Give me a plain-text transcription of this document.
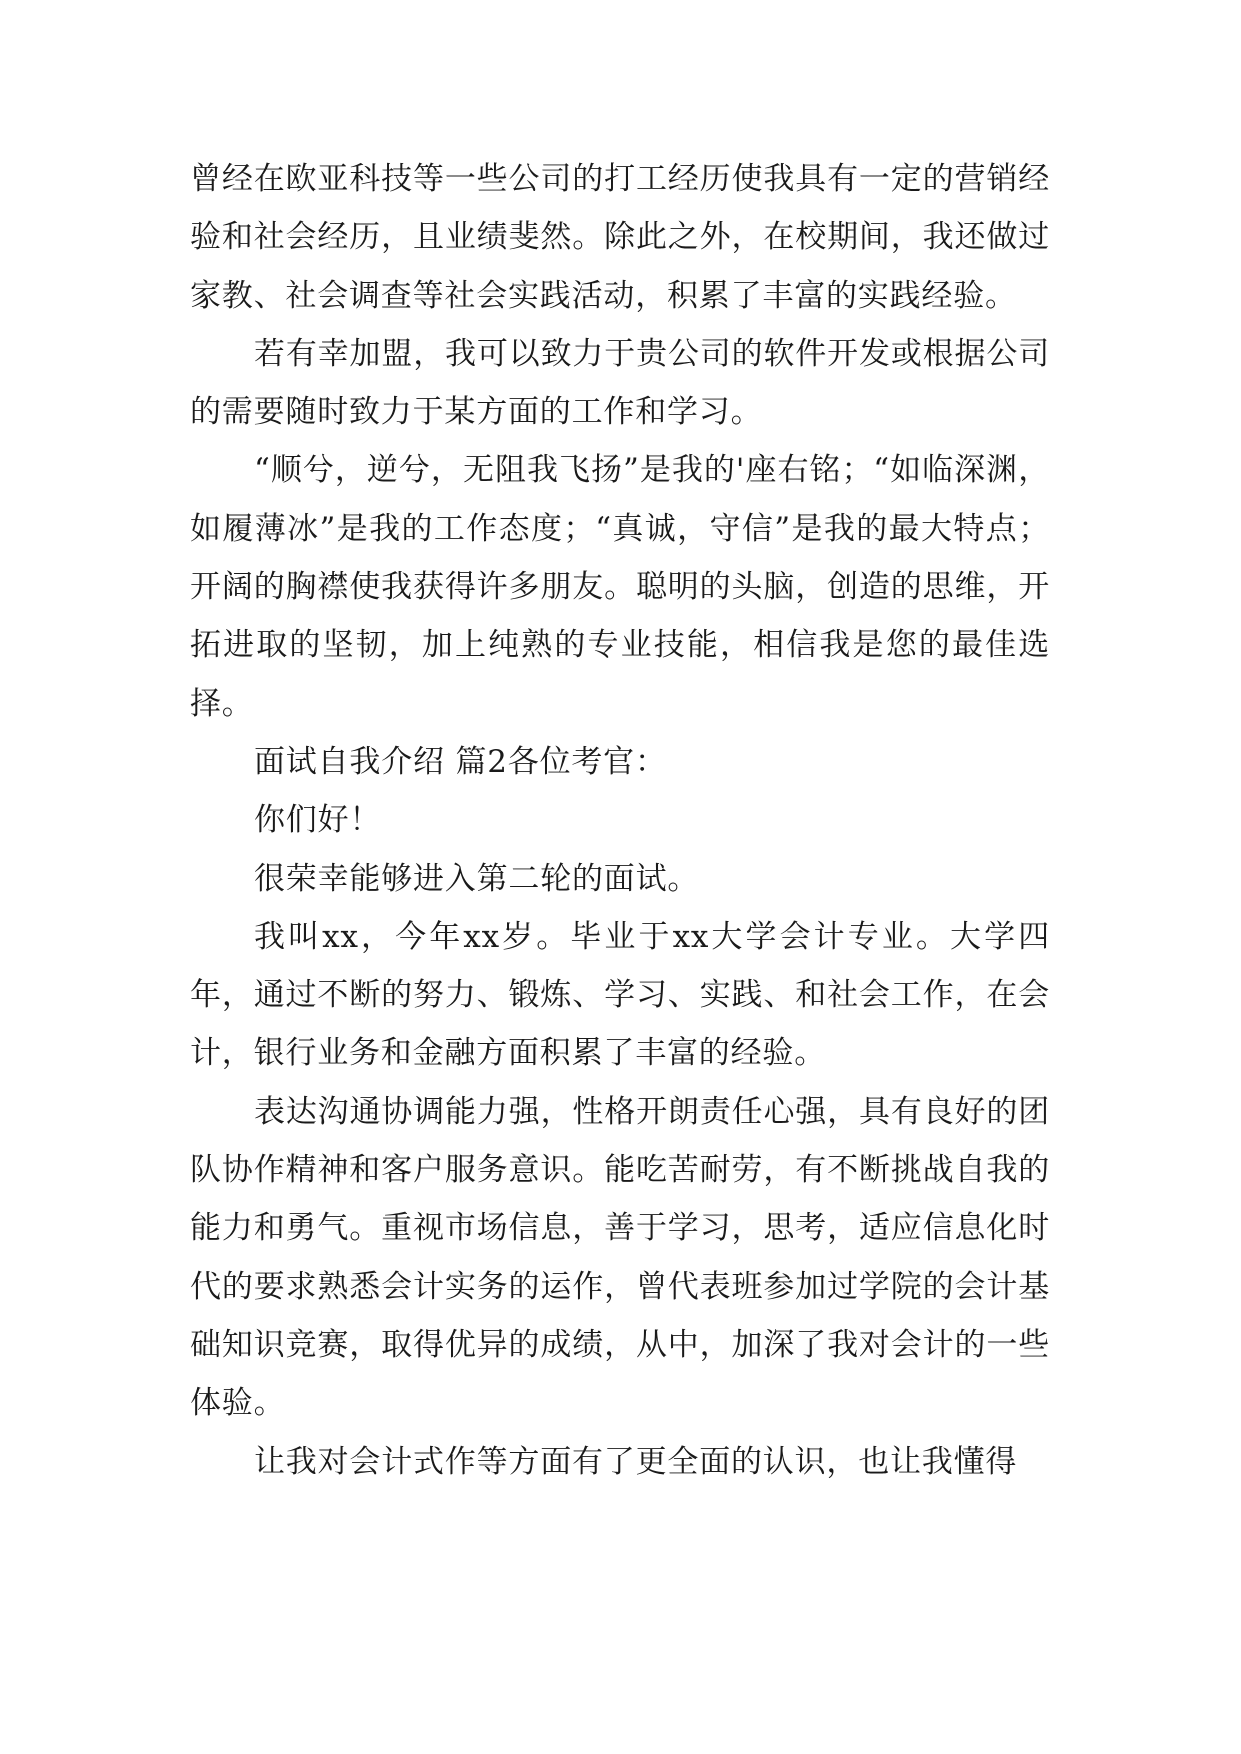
曾经在欧亚科技等一些公司的打工经历使我具有一定的营销经验和社会经历，且业绩斐然。除此之外，在校期间，我还做过家教、社会调查等社会实践活动，积累了丰富的实践经验。

若有幸加盟，我可以致力于贵公司的软件开发或根据公司的需要随时致力于某方面的工作和学习。

“顺兮，逆兮，无阻我飞扬”是我的'座右铭；“如临深渊，如履薄冰”是我的工作态度；“真诚，守信”是我的最大特点；开阔的胸襟使我获得许多朋友。聪明的头脑，创造的思维，开拓进取的坚韧，加上纯熟的专业技能，相信我是您的最佳选择。

面试自我介绍 篇2各位考官：

你们好！

很荣幸能够进入第二轮的面试。

我叫xx，今年xx岁。毕业于xx大学会计专业。大学四年，通过不断的努力、锻炼、学习、实践、和社会工作，在会计，银行业务和金融方面积累了丰富的经验。

表达沟通协调能力强，性格开朗责任心强，具有良好的团队协作精神和客户服务意识。能吃苦耐劳，有不断挑战自我的能力和勇气。重视市场信息，善于学习，思考，适应信息化时代的要求熟悉会计实务的运作，曾代表班参加过学院的会计基础知识竞赛，取得优异的成绩，从中，加深了我对会计的一些体验。

让我对会计式作等方面有了更全面的认识，也让我懂得
